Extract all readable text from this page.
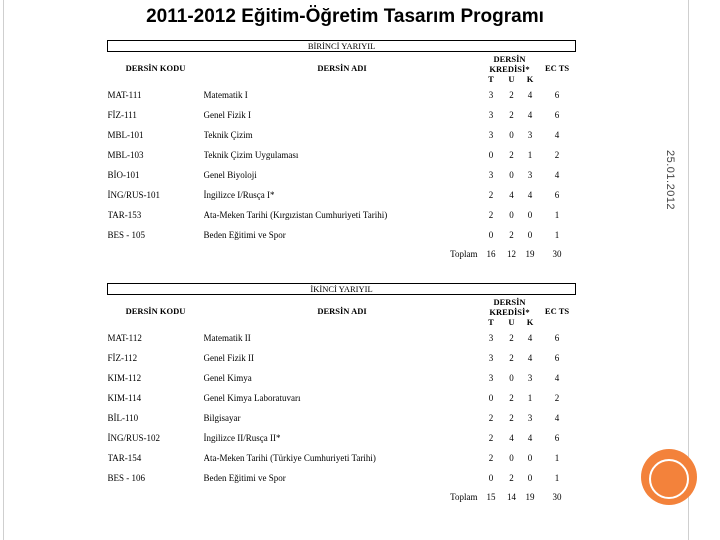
2011-2012 Eğitim-Öğretim Tasarım Programı
25.01.2012
BİRİNCİ YARIYIL						
DERSİN KODU	DERSİN ADI		DERSİN
KREDİSİ*			EC TS
			T	U	K	
MAT-111	Matematik I		3	2	4	6
FİZ-111	Genel Fizik I		3	2	4	6
MBL-101	Teknik Çizim		3	0	3	4
MBL-103	Teknik Çizim Uygulaması		0	2	1	2
BİO-101	Genel Biyoloji		3	0	3	4
İNG/RUS-101	İngilizce I/Rusça I*		2	4	4	6
TAR-153	Ata-Meken Tarihi (Kırgızistan Cumhuriyeti Tarihi)		2	0	0	1
BES - 105	Beden Eğitimi ve Spor		0	2	0	1
		Toplam	16	12	19	30
İKİNCİ YARIYIL						
DERSİN KODU	DERSİN ADI		DERSİN
KREDİSİ*			EC TS
			T	U	K	
MAT-112	Matematik II		3	2	4	6
FİZ-112	Genel Fizik II		3	2	4	6
KIM-112	Genel Kimya		3	0	3	4
KIM-114	Genel Kimya Laboratuvarı		0	2	1	2
BİL-110	Bilgisayar		2	2	3	4
İNG/RUS-102	İngilizce II/Rusça II*		2	4	4	6
TAR-154	Ata-Meken Tarihi (Türkiye Cumhuriyeti Tarihi)		2	0	0	1
BES - 106	Beden Eğitimi ve Spor		0	2	0	1
		Toplam	15	14	19	30
